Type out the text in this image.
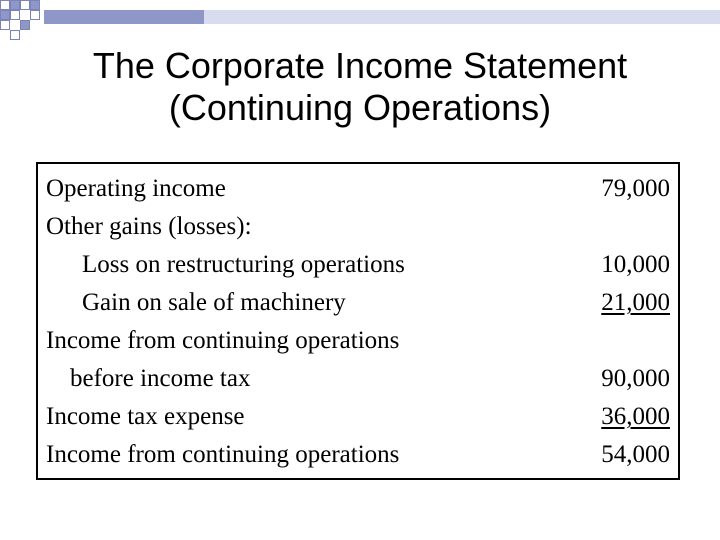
The Corporate Income Statement
(Continuing Operations)
Operating income	79,000
Other gains (losses):
Loss on restructuring operations	10,000
Gain on sale of machinery	21,000
Income from continuing operations
before income tax	90,000
Income tax expense	36,000
Income from continuing operations	54,000
